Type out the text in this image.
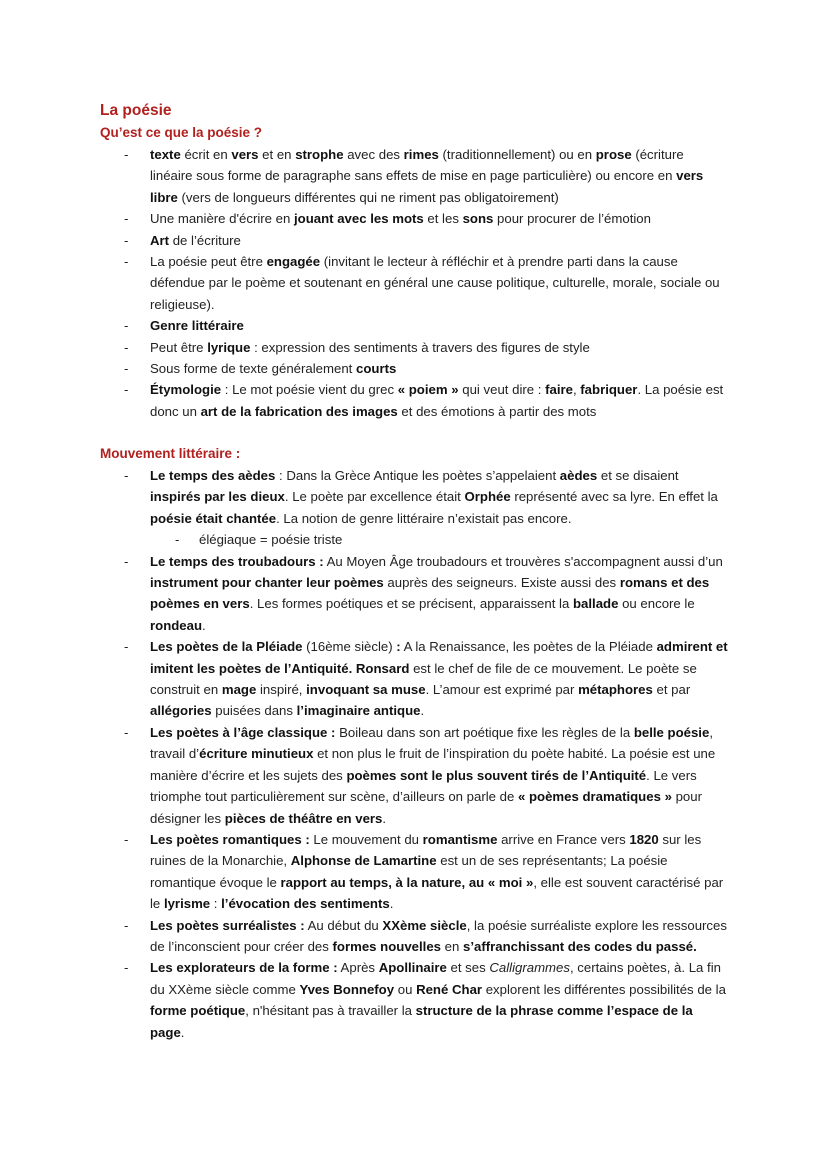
La poésie
Qu’est ce que la poésie ?
- texte écrit en vers et en strophe avec des rimes (traditionnellement) ou en prose (écriture linéaire sous forme de paragraphe sans effets de mise en page particulière) ou encore en vers libre (vers de longueurs différentes qui ne riment pas obligatoirement)
- Une manière d'écrire en jouant avec les mots et les sons pour procurer de l’émotion
- Art de l’écriture
- La poésie peut être engagée (invitant le lecteur à réfléchir et à prendre parti dans la cause défendue par le poème et soutenant en général une cause politique, culturelle, morale, sociale ou religieuse).
- Genre littéraire
- Peut être lyrique : expression des sentiments à travers des figures de style
- Sous forme de texte généralement courts
- Étymologie : Le mot poésie vient du grec « poiem » qui veut dire : faire, fabriquer. La poésie est donc un art de la fabrication des images et des émotions à partir des mots
Mouvement littéraire :
- Le temps des aèdes : Dans la Grèce Antique les poètes s’appelaient aèdes et se disaient inspirés par les dieux. Le poète par excellence était Orphée représenté avec sa lyre. En effet la poésie était chantée. La notion de genre littéraire n’existait pas encore.
- élégiaque = poésie triste
- Le temps des troubadours : Au Moyen Âge troubadours et trouvères s'accompagnent aussi d’un instrument pour chanter leur poèmes auprès des seigneurs. Existe aussi des romans et des poèmes en vers. Les formes poétiques et se précisent, apparaissent la ballade ou encore le rondeau.
- Les poètes de la Pléiade (16ème siècle) : A la Renaissance, les poètes de la Pléiade admirent et imitent les poètes de l’Antiquité. Ronsard est le chef de file de ce mouvement. Le poète se construit en mage inspiré, invoquant sa muse. L’amour est exprimé par métaphores et par allégories puisées dans l’imaginaire antique.
- Les poètes à l’âge classique : Boileau dans son art poétique fixe les règles de la belle poésie, travail d’écriture minutieux et non plus le fruit de l’inspiration du poète habité. La poésie est une manière d’écrire et les sujets des poèmes sont le plus souvent tirés de l’Antiquité. Le vers triomphe tout particulièrement sur scène, d’ailleurs on parle de « poèmes dramatiques » pour désigner les pièces de théâtre en vers.
- Les poètes romantiques : Le mouvement du romantisme arrive en France vers 1820 sur les ruines de la Monarchie, Alphonse de Lamartine est un de ses représentants; La poésie romantique évoque le rapport au temps, à la nature, au « moi », elle est souvent caractérisé par le lyrisme : l’évocation des sentiments.
- Les poètes surréalistes : Au début du XXème siècle, la poésie surréaliste explore les ressources de l’inconscient pour créer des formes nouvelles en s’affranchissant des codes du passé.
- Les explorateurs de la forme : Après Apollinaire et ses Calligrammes, certains poètes, à. La fin du XXème siècle comme Yves Bonnefoy ou René Char explorent les différentes possibilités de la forme poétique, n'hésitant pas à travailler la structure de la phrase comme l’espace de la page.
